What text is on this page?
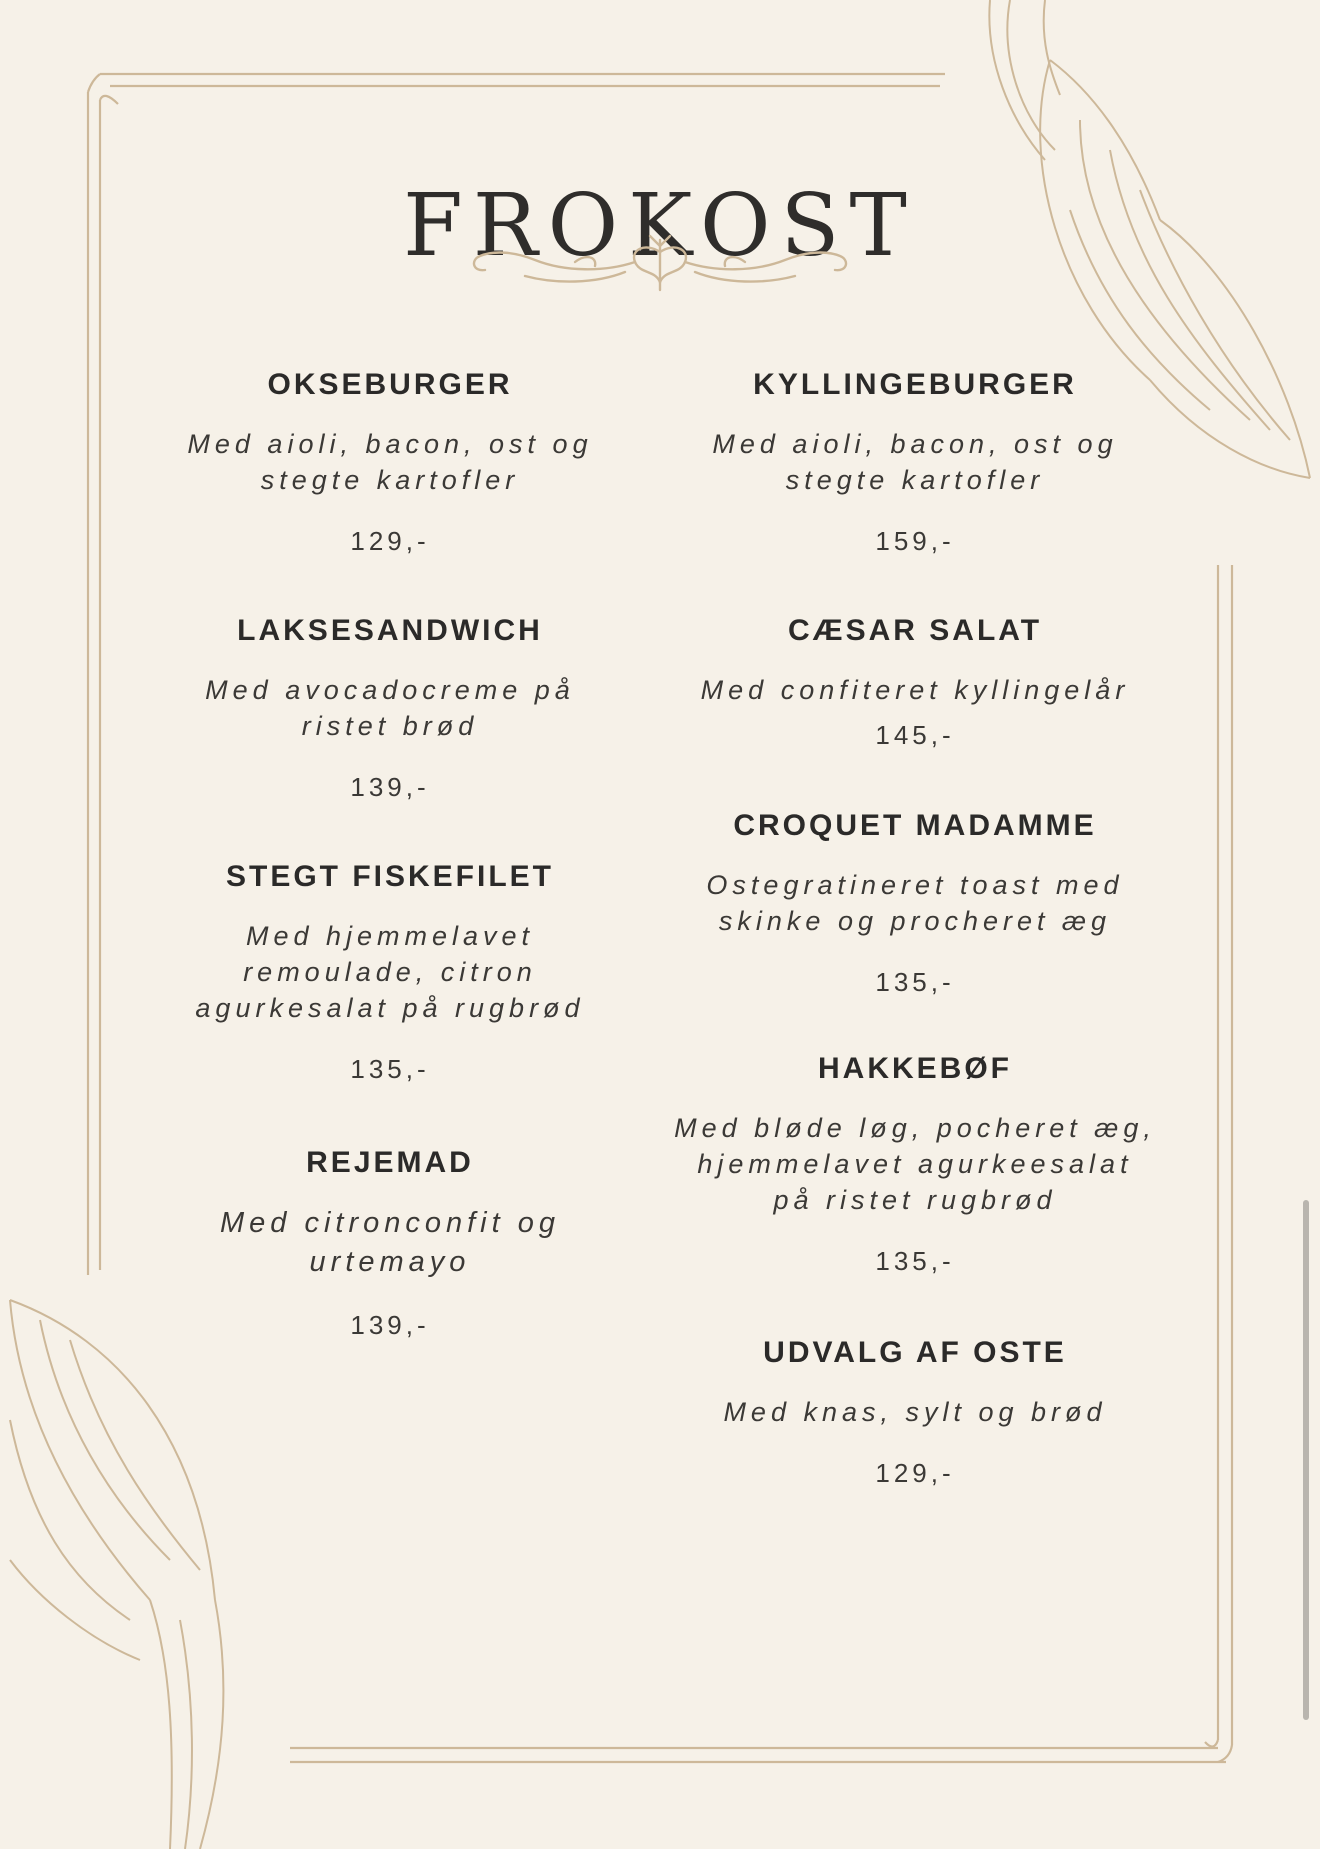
FROKOST
OKSEBURGER
Med aioli, bacon, ost og
stegte kartofler
129,-
LAKSESANDWICH
Med avocadocreme på
ristet brød
139,-
STEGT FISKEFILET
Med hjemmelavet
remoulade, citron
agurkesalat på rugbrød
135,-
REJEMAD
Med citronconfit og
urtemayo
139,-
KYLLINGEBURGER
Med aioli, bacon, ost og
stegte kartofler
159,-
CÆSAR SALAT
Med confiteret kyllingelår
145,-
CROQUET MADAMME
Ostegratineret toast med
skinke og procheret æg
135,-
HAKKEBØF
Med bløde løg, pocheret æg,
hjemmelavet agurkeesalat
på ristet rugbrød
135,-
UDVALG AF OSTE
Med knas, sylt og brød
129,-
